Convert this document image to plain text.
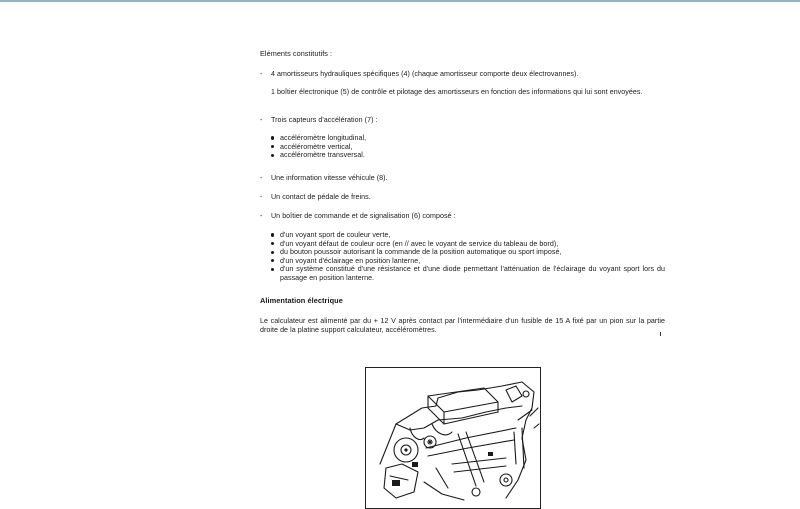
Eléments constitutifs :

- 4 amortisseurs hydrauliques spécifiques (4) (chaque amortisseur comporte deux électrovannes).

1 boîtier électronique (5) de contrôle et pilotage des amortisseurs en fonction des informations qui lui sont envoyées.

- Trois capteurs d'accélération (7) :
accéléromètre longitudinal,
accéléromètre vertical,
accéléromètre transversal.
- Une information vitesse véhicule (8).
- Un contact de pédale de freins.
- Un boîtier de commande et de signalisation (6) composé :
d'un voyant sport de couleur verte,
d'un voyant défaut de couleur ocre (en // avec le voyant de service du tableau de bord),
du bouton poussoir autorisant la commande de la position automatique ou sport imposé,
d'un voyant d'éclairage en position lanterne,
d'un système constitué d'une résistance et d'une diode permettant l'atténuation de l'éclairage du voyant sport lors du passage en position lanterne.

Alimentation électrique

Le calculateur est alimenté par du + 12 V après contact par l'intermédiaire d'un fusible de 15 A fixé par un pion sur la partie droite de la platine support calculateur, accéléromètres.
